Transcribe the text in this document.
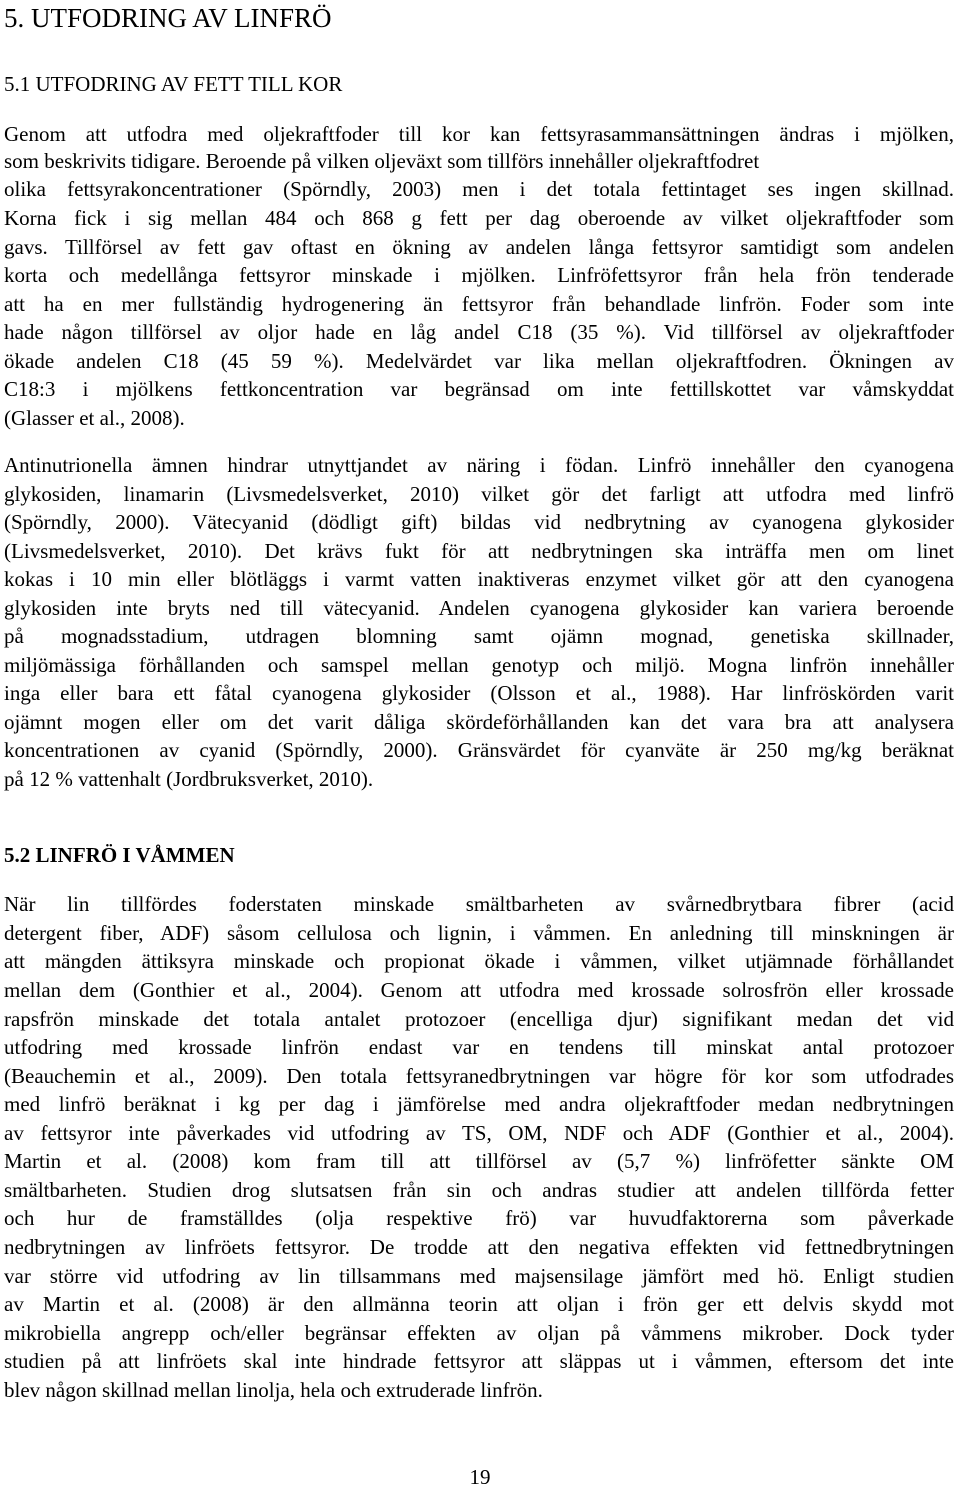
5. UTFODRING AV LINFRÖ
5.1 UTFODRING AV FETT TILL KOR
Genom att utfodra med oljekraftfoder till kor kan fettsyrasammansättningen ändras i mjölken,
som beskrivits tidigare. Beroende på vilken oljeväxt som tillförs innehåller oljekraftfodret
olika fettsyrakoncentrationer (Spörndly, 2003) men i det totala fettintaget ses ingen skillnad.
Korna fick i sig mellan 484 och 868 g fett per dag oberoende av vilket oljekraftfoder som
gavs. Tillförsel av fett gav oftast en ökning av andelen långa fettsyror samtidigt som andelen
korta och medellånga fettsyror minskade i mjölken. Linfröfettsyror från hela frön tenderade
att ha en mer fullständig hydrogenering än fettsyror från behandlade linfrön. Foder som inte
hade någon tillförsel av oljor hade en låg andel C18 (35 %). Vid tillförsel av oljekraftfoder
ökade andelen C18 (45 59 %). Medelvärdet var lika mellan oljekraftfodren. Ökningen av
C18:3 i mjölkens fettkoncentration var begränsad om inte fettillskottet var våmskyddat
(Glasser et al., 2008).
Antinutrionella ämnen hindrar utnyttjandet av näring i födan. Linfrö innehåller den cyanogena
glykosiden, linamarin (Livsmedelsverket, 2010) vilket gör det farligt att utfodra med linfrö
(Spörndly, 2000). Vätecyanid (dödligt gift) bildas vid nedbrytning av cyanogena glykosider
(Livsmedelsverket, 2010). Det krävs fukt för att nedbrytningen ska inträffa men om linet
kokas i 10 min eller blötläggs i varmt vatten inaktiveras enzymet vilket gör att den cyanogena
glykosiden inte bryts ned till vätecyanid. Andelen cyanogena glykosider kan variera beroende
på mognadsstadium, utdragen blomning samt ojämn mognad, genetiska skillnader,
miljömässiga förhållanden och samspel mellan genotyp och miljö. Mogna linfrön innehåller
inga eller bara ett fåtal cyanogena glykosider (Olsson et al., 1988). Har linfröskörden varit
ojämnt mogen eller om det varit dåliga skördeförhållanden kan det vara bra att analysera
koncentrationen av cyanid (Spörndly, 2000). Gränsvärdet för cyanväte är 250 mg/kg beräknat
på 12 % vattenhalt (Jordbruksverket, 2010).
5.2 LINFRÖ I VÅMMEN
När lin tillfördes foderstaten minskade smältbarheten av svårnedbrytbara fibrer (acid
detergent fiber, ADF) såsom cellulosa och lignin, i våmmen. En anledning till minskningen är
att mängden ättiksyra minskade och propionat ökade i våmmen, vilket utjämnade förhållandet
mellan dem (Gonthier et al., 2004). Genom att utfodra med krossade solrosfrön eller krossade
rapsfrön minskade det totala antalet protozoer (encelliga djur) signifikant medan det vid
utfodring med krossade linfrön endast var en tendens till minskat antal protozoer
(Beauchemin et al., 2009). Den totala fettsyranedbrytningen var högre för kor som utfodrades
med linfrö beräknat i kg per dag i jämförelse med andra oljekraftfoder medan nedbrytningen
av fettsyror inte påverkades vid utfodring av TS, OM, NDF och ADF (Gonthier et al., 2004).
Martin et al. (2008) kom fram till att tillförsel av (5,7 %) linfröfetter sänkte OM
smältbarheten. Studien drog slutsatsen från sin och andras studier att andelen tillförda fetter
och hur de framställdes (olja respektive frö) var huvudfaktorerna som påverkade
nedbrytningen av linfröets fettsyror. De trodde att den negativa effekten vid fettnedbrytningen
var större vid utfodring av lin tillsammans med majsensilage jämfört med hö. Enligt studien
av Martin et al. (2008) är den allmänna teorin att oljan i frön ger ett delvis skydd mot
mikrobiella angrepp och/eller begränsar effekten av oljan på våmmens mikrober. Dock tyder
studien på att linfröets skal inte hindrade fettsyror att släppas ut i våmmen, eftersom det inte
blev någon skillnad mellan linolja, hela och extruderade linfrön.
19
